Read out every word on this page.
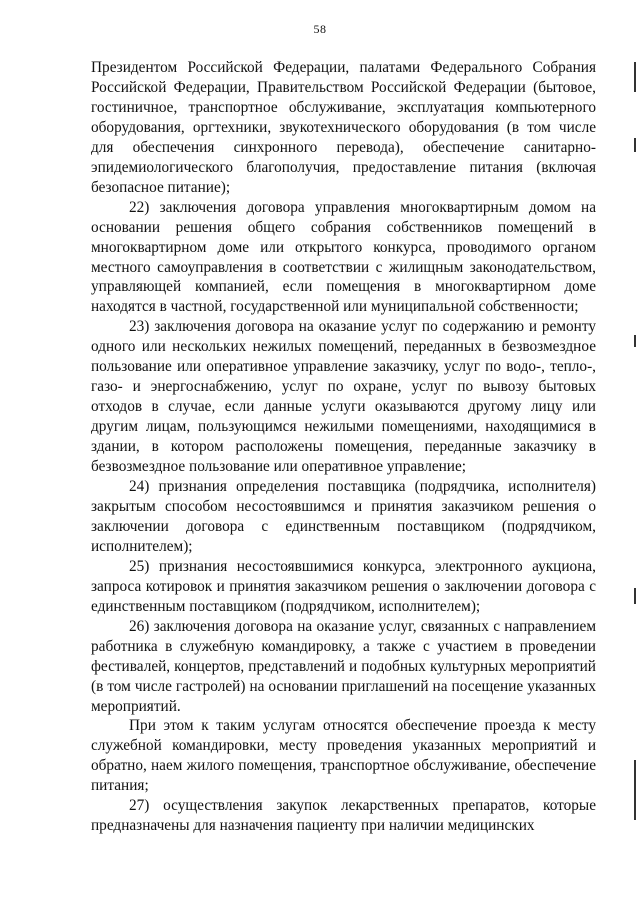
58

Президентом Российской Федерации, палатами Федерального Собрания Российской Федерации, Правительством Российской Федерации (бытовое, гостиничное, транспортное обслуживание, эксплуатация компьютерного оборудования, оргтехники, звукотехнического оборудования (в том числе для обеспечения синхронного перевода), обеспечение санитарно-эпидемиологического благополучия, предоставление питания (включая безопасное питание);

22) заключения договора управления многоквартирным домом на основании решения общего собрания собственников помещений в многоквартирном доме или открытого конкурса, проводимого органом местного самоуправления в соответствии с жилищным законодательством, управляющей компанией, если помещения в многоквартирном доме находятся в частной, государственной или муниципальной собственности;

23) заключения договора на оказание услуг по содержанию и ремонту одного или нескольких нежилых помещений, переданных в безвозмездное пользование или оперативное управление заказчику, услуг по водо-, тепло-, газо- и энергоснабжению, услуг по охране, услуг по вывозу бытовых отходов в случае, если данные услуги оказываются другому лицу или другим лицам, пользующимся нежилыми помещениями, находящимися в здании, в котором расположены помещения, переданные заказчику в безвозмездное пользование или оперативное управление;

24) признания определения поставщика (подрядчика, исполнителя) закрытым способом несостоявшимся и принятия заказчиком решения о заключении договора с единственным поставщиком (подрядчиком, исполнителем);

25) признания несостоявшимися конкурса, электронного аукциона, запроса котировок и принятия заказчиком решения о заключении договора с единственным поставщиком (подрядчиком, исполнителем);

26) заключения договора на оказание услуг, связанных с направлением работника в служебную командировку, а также с участием в проведении фестивалей, концертов, представлений и подобных культурных мероприятий (в том числе гастролей) на основании приглашений на посещение указанных мероприятий.

При этом к таким услугам относятся обеспечение проезда к месту служебной командировки, месту проведения указанных мероприятий и обратно, наем жилого помещения, транспортное обслуживание, обеспечение питания;

27) осуществления закупок лекарственных препаратов, которые предназначены для назначения пациенту при наличии медицинских
